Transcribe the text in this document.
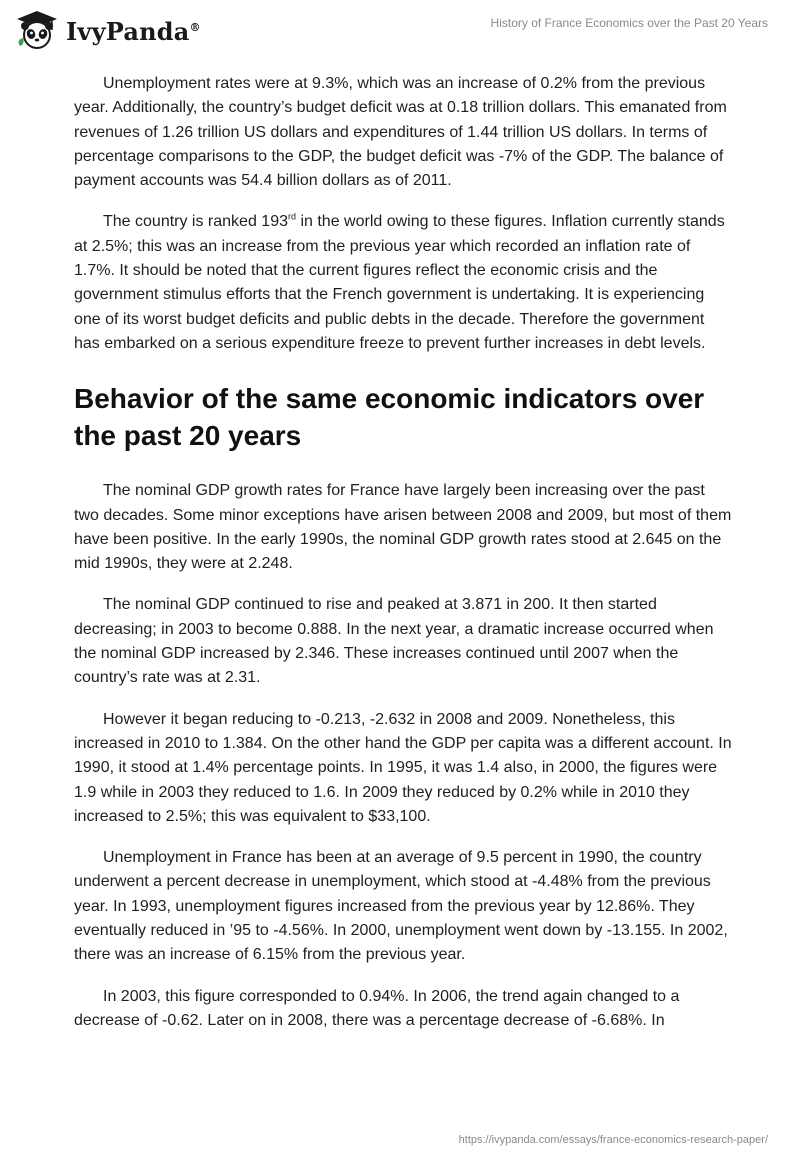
IvyPanda®	History of France Economics over the Past 20 Years

Unemployment rates were at 9.3%, which was an increase of 0.2% from the previous year. Additionally, the country’s budget deficit was at 0.18 trillion dollars. This emanated from revenues of 1.26 trillion US dollars and expenditures of 1.44 trillion US dollars. In terms of percentage comparisons to the GDP, the budget deficit was -7% of the GDP. The balance of payment accounts was 54.4 billion dollars as of 2011.

The country is ranked 193rd in the world owing to these figures. Inflation currently stands at 2.5%; this was an increase from the previous year which recorded an inflation rate of 1.7%. It should be noted that the current figures reflect the economic crisis and the government stimulus efforts that the French government is undertaking. It is experiencing one of its worst budget deficits and public debts in the decade. Therefore the government has embarked on a serious expenditure freeze to prevent further increases in debt levels.

Behavior of the same economic indicators over the past 20 years

The nominal GDP growth rates for France have largely been increasing over the past two decades. Some minor exceptions have arisen between 2008 and 2009, but most of them have been positive. In the early 1990s, the nominal GDP growth rates stood at 2.645 on the mid 1990s, they were at 2.248.

The nominal GDP continued to rise and peaked at 3.871 in 200. It then started decreasing; in 2003 to become 0.888. In the next year, a dramatic increase occurred when the nominal GDP increased by 2.346. These increases continued until 2007 when the country’s rate was at 2.31.

However it began reducing to -0.213, -2.632 in 2008 and 2009. Nonetheless, this increased in 2010 to 1.384. On the other hand the GDP per capita was a different account. In 1990, it stood at 1.4% percentage points. In 1995, it was 1.4 also, in 2000, the figures were 1.9 while in 2003 they reduced to 1.6. In 2009 they reduced by 0.2% while in 2010 they increased to 2.5%; this was equivalent to $33,100.

Unemployment in France has been at an average of 9.5 percent in 1990, the country underwent a percent decrease in unemployment, which stood at -4.48% from the previous year. In 1993, unemployment figures increased from the previous year by 12.86%. They eventually reduced in ’95 to -4.56%. In 2000, unemployment went down by -13.155. In 2002, there was an increase of 6.15% from the previous year.

In 2003, this figure corresponded to 0.94%. In 2006, the trend again changed to a decrease of -0.62. Later on in 2008, there was a percentage decrease of -6.68%. In

https://ivypanda.com/essays/france-economics-research-paper/
